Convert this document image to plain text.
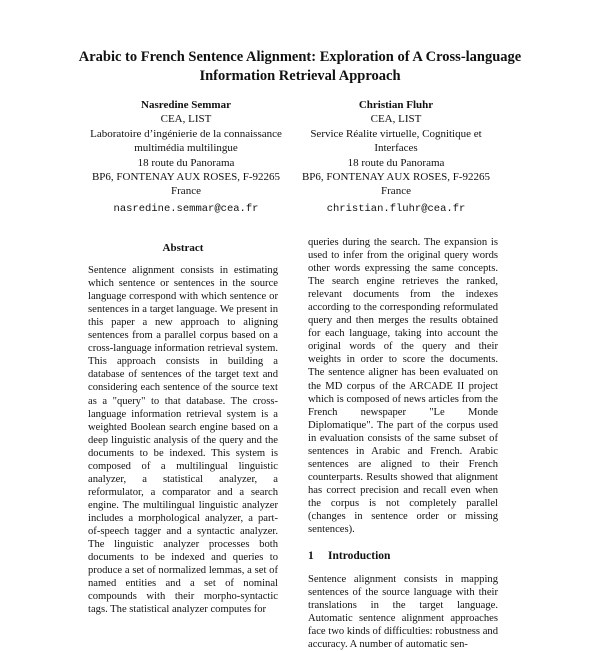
Arabic to French Sentence Alignment: Exploration of A Cross-language Information Retrieval Approach
Nasredine Semmar
CEA, LIST
Laboratoire d’ingénierie de la connaissance multimédia multilingue
18 route du Panorama
BP6, FONTENAY AUX ROSES, F-92265 France
nasredine.semmar@cea.fr
Christian Fluhr
CEA, LIST
Service Réalite virtuelle, Cognitique et Interfaces
18 route du Panorama
BP6, FONTENAY AUX ROSES, F-92265 France
christian.fluhr@cea.fr
Abstract

Sentence alignment consists in estimating which sentence or sentences in the source language correspond with which sentence or sentences in a target language. We present in this paper a new approach to aligning sentences from a parallel corpus based on a cross-language information retrieval system. This approach consists in building a database of sentences of the target text and considering each sentence of the source text as a "query" to that database. The cross-language information retrieval system is a weighted Boolean search engine based on a deep linguistic analysis of the query and the documents to be indexed. This system is composed of a multilingual linguistic analyzer, a statistical analyzer, a reformulator, a comparator and a search engine. The multilingual linguistic analyzer includes a morphological analyzer, a part-of-speech tagger and a syntactic analyzer. The linguistic analyzer processes both documents to be indexed and queries to produce a set of normalized lemmas, a set of named entities and a set of nominal compounds with their morpho-syntactic tags. The statistical analyzer computes for

queries during the search. The expansion is used to infer from the original query words other words expressing the same concepts. The search engine retrieves the ranked, relevant documents from the indexes according to the corresponding reformulated query and then merges the results obtained for each language, taking into account the original words of the query and their weights in order to score the documents. The sentence aligner has been evaluated on the MD corpus of the ARCADE II project which is composed of news articles from the French newspaper "Le Monde Diplomatique". The part of the corpus used in evaluation consists of the same subset of sentences in Arabic and French. Arabic sentences are aligned to their French counterparts. Results showed that alignment has correct precision and recall even when the corpus is not completely parallel (changes in sentence order or missing sentences).

1 Introduction

Sentence alignment consists in mapping sentences of the source language with their translations in the target language. Automatic sentence alignment approaches face two kinds of difficulties: robustness and accuracy. A number of automatic sen-
